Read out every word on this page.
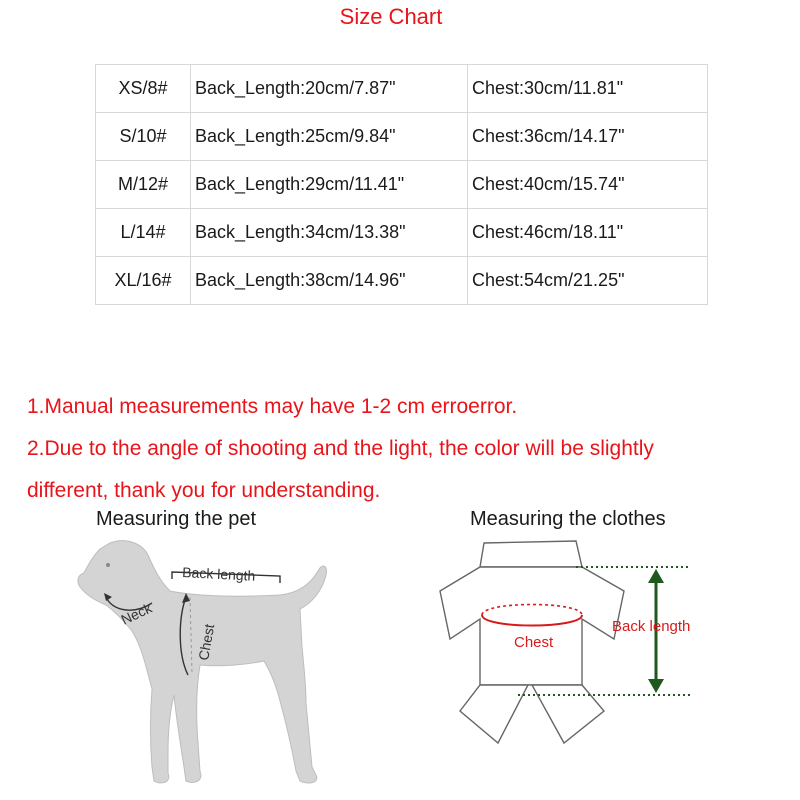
Size Chart
XS/8#	Back_Length:20cm/7.87"	Chest:30cm/11.81"
S/10#	Back_Length:25cm/9.84"	Chest:36cm/14.17"
M/12#	Back_Length:29cm/11.41"	Chest:40cm/15.74"
L/14#	Back_Length:34cm/13.38"	Chest:46cm/18.11"
XL/16#	Back_Length:38cm/14.96"	Chest:54cm/21.25"
1.Manual measurements may have 1-2 cm erroerror.
2.Due to the angle of shooting and the light, the color will be slightly
different, thank you for understanding.
Measuring the pet	Measuring the clothes
Back length
Neck
Chest	Chest
Back length
